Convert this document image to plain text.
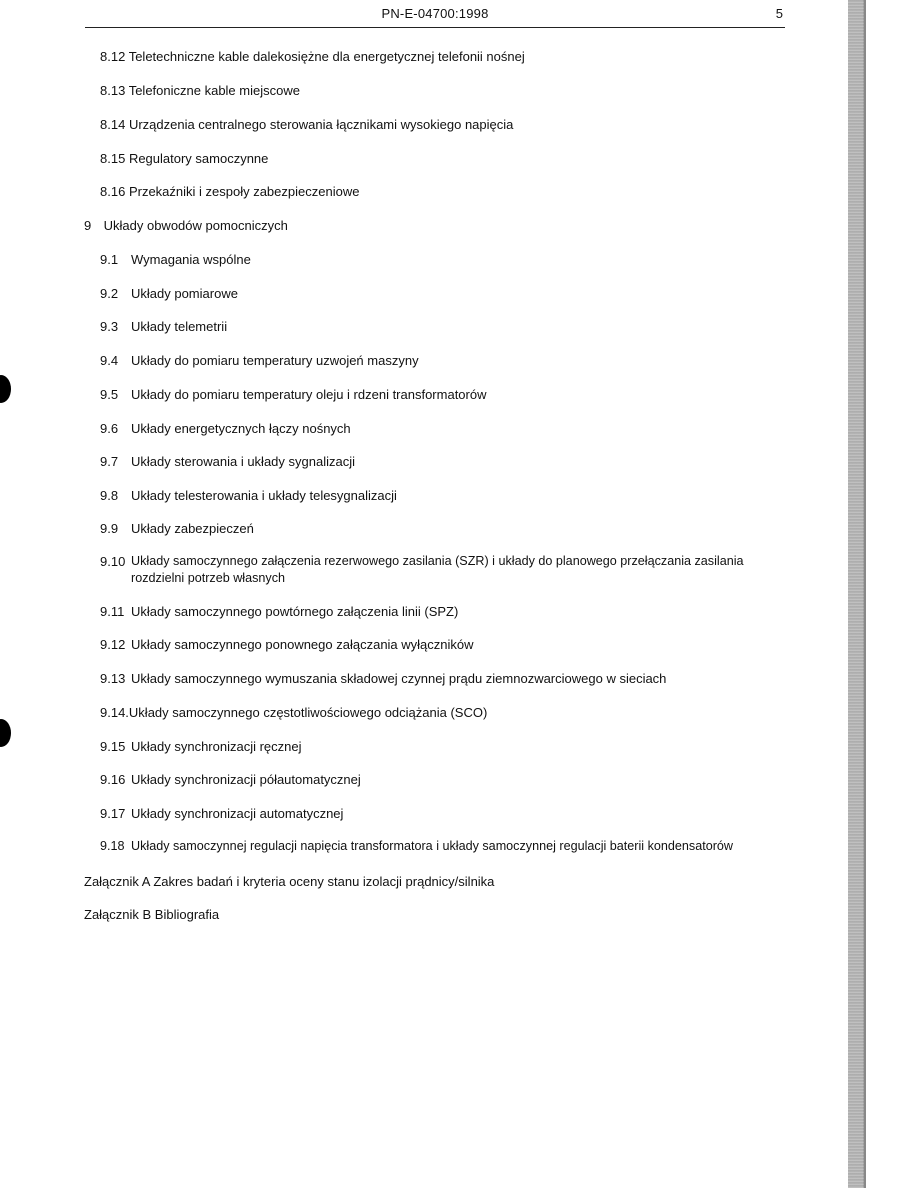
PN-E-04700:1998	5
8.12 Teletechniczne kable dalekosiężne dla energetycznej telefonii nośnej
8.13 Telefoniczne kable miejscowe
8.14 Urządzenia centralnego sterowania łącznikami wysokiego napięcia
8.15 Regulatory samoczynne
8.16 Przekaźniki i zespoły zabezpieczeniowe
9 Układy obwodów pomocniczych
9.1 Wymagania wspólne
9.2 Układy pomiarowe
9.3 Układy telemetrii
9.4 Układy do pomiaru temperatury uzwojeń maszyny
9.5 Układy do pomiaru temperatury oleju i rdzeni transformatorów
9.6 Układy energetycznych łączy nośnych
9.7 Układy sterowania i układy sygnalizacji
9.8 Układy telesterowania i układy telesygnalizacji
9.9 Układy zabezpieczeń
9.10 Układy samoczynnego załączenia rezerwowego zasilania (SZR) i układy do planowego przełączania zasilania rozdzielni potrzeb własnych
9.11 Układy samoczynnego powtórnego załączenia linii (SPZ)
9.12 Układy samoczynnego ponownego załączania wyłączników
9.13 Układy samoczynnego wymuszania składowej czynnej prądu ziemnozwarciowego w sieciach
9.14.Układy samoczynnego częstotliwościowego odciążania (SCO)
9.15 Układy synchronizacji ręcznej
9.16 Układy synchronizacji półautomatycznej
9.17 Układy synchronizacji automatycznej
9.18 Układy samoczynnej regulacji napięcia transformatora i układy samoczynnej regulacji baterii kondensatorów
Załącznik A Zakres badań i kryteria oceny stanu izolacji prądnicy/silnika
Załącznik B Bibliografia
